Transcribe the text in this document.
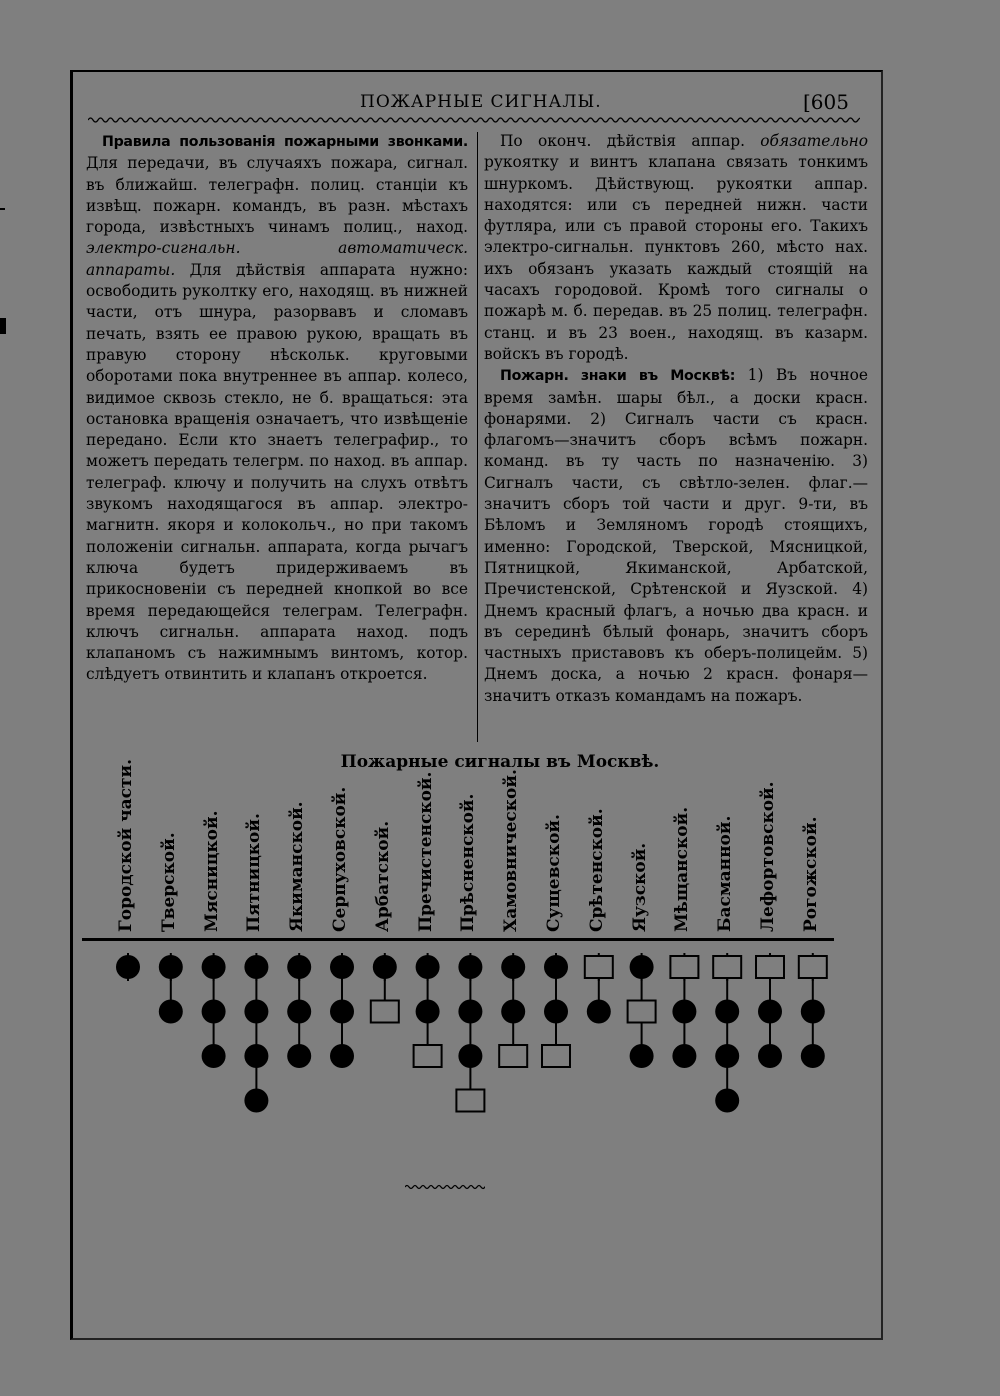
ПОЖАРНЫЕ СИГНАЛЫ.	[605

Правила пользованія пожарными звонками. Для передачи, въ случаяхъ пожара, сигнал. въ ближайш. телеграфн. полиц. станціи къ извѣщ. пожарн. командъ, въ разн. мѣстахъ города, извѣстныхъ чинамъ полиц., наход. электро-сигнальн. автоматическ. аппараты. Для дѣйствія аппарата нужно: освободить руколтку его, находящ. въ нижней части, отъ шнура, разорвавъ и сломавъ печать, взять ее правою рукою, вращать въ правую сторону нѣскольк. круговыми оборотами пока внутреннее въ аппар. колесо, видимое сквозь стекло, не б. вращаться: эта остановка вращенія означаетъ, что извѣщеніе передано. Если кто знаетъ телеграфир., то можетъ передать телегрм. по наход. въ аппар. телеграф. ключу и получить на слухъ отвѣтъ звукомъ находящагося въ аппар. электро-магнитн. якоря и колокольч., но при такомъ положеніи сигнальн. аппарата, когда рычагъ ключа будетъ придерживаемъ въ прикосновеніи съ передней кнопкой во все время передающейся телеграм. Телеграфн. ключъ сигнальн. аппарата наход. подъ клапаномъ съ нажимнымъ винтомъ, котор. слѣдуетъ отвинтить и клапанъ откроется.

По оконч. дѣйствія аппар. обязательно рукоятку и винтъ клапана связать тонкимъ шнуркомъ. Дѣйствующ. рукоятки аппар. находятся: или съ передней нижн. части футляра, или съ правой стороны его. Такихъ электро-сигнальн. пунктовъ 260, мѣсто нах. ихъ обязанъ указать каждый стоящій на часахъ городовой. Кромѣ того сигналы о пожарѣ м. б. передав. въ 25 полиц. телеграфн. станц. и въ 23 воен., находящ. въ казарм. войскъ въ городѣ.

Пожарн. знаки въ Москвѣ: 1) Въ ночное время замѣн. шары бѣл., а доски красн. фонарями. 2) Сигналъ части съ красн. флагомъ—значитъ сборъ всѣмъ пожарн. команд. въ ту часть по назначенію. 3) Сигналъ части, съ свѣтло-зелен. флаг.—значитъ сборъ той части и друг. 9-ти, въ Бѣломъ и Земляномъ городѣ стоящихъ, именно: Городской, Тверской, Мясницкой, Пятницкой, Якиманской, Арбатской, Пречистенской, Срѣтенской и Яузской. 4) Днемъ красный флагъ, а ночью два красн. и въ серединѣ бѣлый фонарь, значитъ сборъ частныхъ приставовъ къ оберъ-полицейм. 5) Днемъ доска, а ночью 2 красн. фонаря—значитъ отказъ командамъ на пожаръ.

Пожарные сигналы въ Москвѣ.
Городской части. Тверской. Мясницкой. Пятницкой. Якиманской. Серпуховской. Арбатской. Пречистенской. Прѣсненской. Хамовнической. Сущевской. Срѣтенской. Яузской. Мѣщанской. Басманной. Лефортовской. Рогожской.
